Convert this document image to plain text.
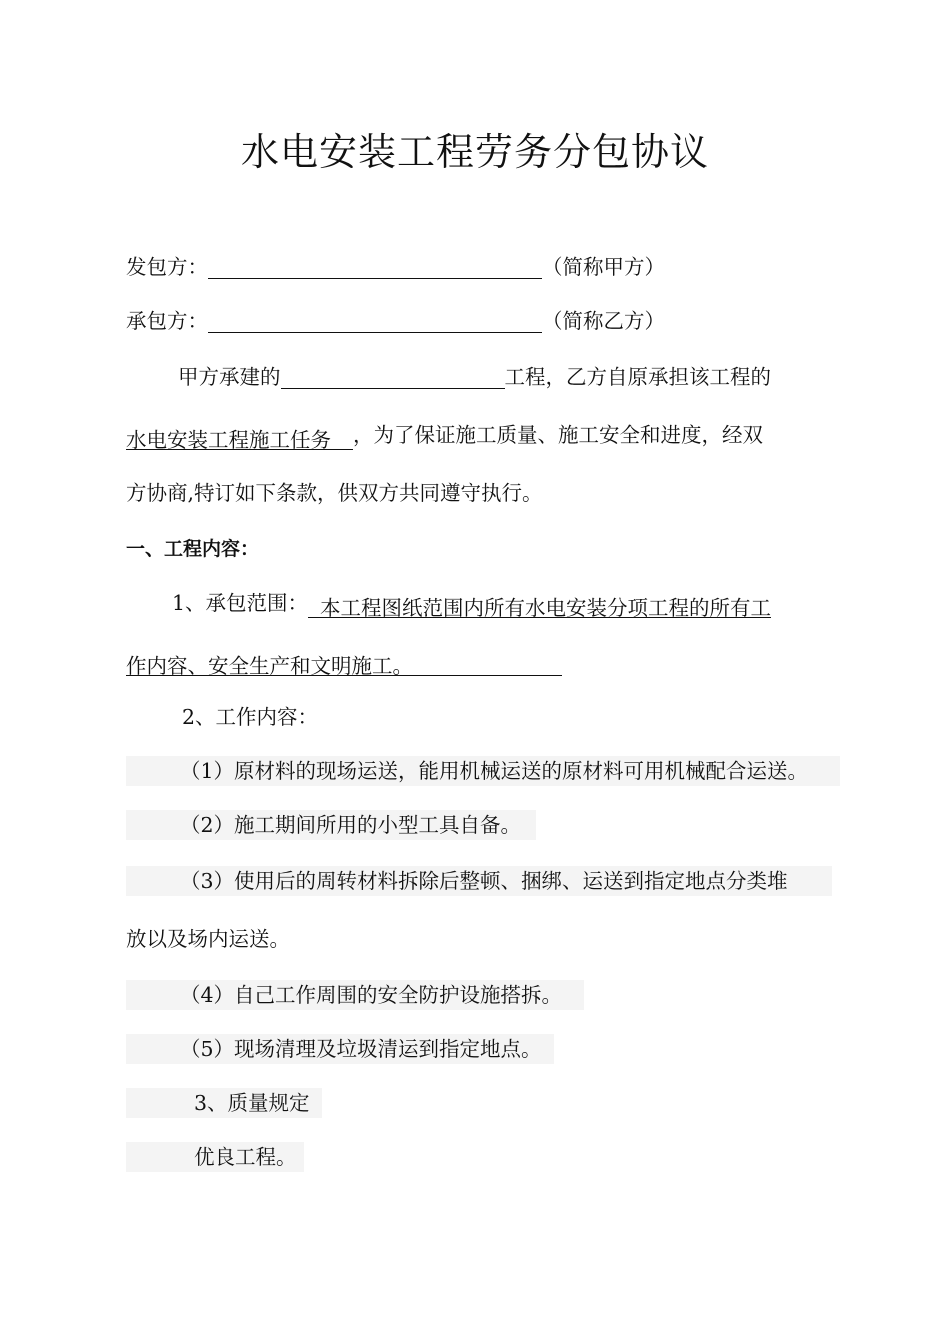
水电安装工程劳务分包协议
发包方：	（简称甲方）
承包方：	（简称乙方）
甲方承建的	工程，乙方自原承担该工程的
水电安装工程施工任务 ，为了保证施工质量、施工安全和进度，经双
方协商,特订如下条款，供双方共同遵守执行。
一、工程内容：
1、承包范围： 本工程图纸范围内所有水电安装分项工程的所有工
作内容、安全生产和文明施工。
2、工作内容：
（1）原材料的现场运送，能用机械运送的原材料可用机械配合运送。
（2）施工期间所用的小型工具自备。
（3）使用后的周转材料拆除后整顿、捆绑、运送到指定地点分类堆
放以及场内运送。
（4）自己工作周围的安全防护设施搭拆。
（5）现场清理及垃圾清运到指定地点。
3、质量规定
优良工程。
